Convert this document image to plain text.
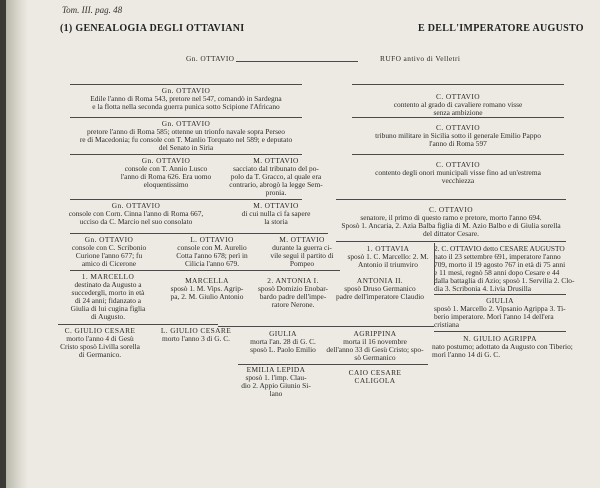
Tom. III. pag. 48
(1) GENEALOGIA DEGLI OTTAVIANI	E DELL'IMPERATORE AUGUSTO
Gn. OTTAVIO	RUFO antivo di Velletri
Gn. OTTAVIO
Edile l'anno di Roma 543, pretore nel 547, comandò in Sardegna
e la flotta nella seconda guerra punica sotto Scipione l'Africano
C. OTTAVIO
contento al grado di cavaliere romano visse
senza ambizione
Gn. OTTAVIO
pretore l'anno di Roma 585; ottenne un trionfo navale sopra Perseo
re di Macedonia; fu console con T. Manlio Torquato nel 589; e deputato
del Senato in Siria
C. OTTAVIO
tribuno militare in Sicilia sotto il generale Emilio Pappo
l'anno di Roma 597
Gn. OTTAVIO
console con T. Annio Lusco
l'anno di Roma 626. Era uomo
eloquentissimo
M. OTTAVIO
sacciato dal tribunato del po-
polo da T. Gracco, al quale era
contrario, abrogò la legge Sem-
pronia.
C. OTTAVIO
contento degli onori municipali visse fino ad un'estrema
vecchiezza
Gn. OTTAVIO
console con Corn. Cinna l'anno di Roma 667,
ucciso da C. Marcio nel suo consolato
M. OTTAVIO
di cui nulla ci fa sapere
la storia
C. OTTAVIO
senatore, il primo di questo ramo e pretore, morto l'anno 694.
Sposò 1. Ancaria, 2. Azia Balba figlia di M. Azio Balbo e di Giulia sorella
del dittator Cesare.
Gn. OTTAVIO
console con C. Scribonio
Curione l'anno 677; fu
amico di Cicerone
L. OTTAVIO
console con M. Aurelio
Cotta l'anno 678; perì in
Cilicia l'anno 679.
M. OTTAVIO
durante la guerra ci-
vile seguì il partito di
Pompeo
1. OTTAVIA
sposò 1. C. Marcello: 2. M.
Antonio il triumviro
2. C. OTTAVIO detto CESARE AUGUSTO
nato il 23 settembre 691, imperatore l'anno
709, morto il 19 agosto 767 in età di 75 anni
e 11 mesi, regnò 58 anni dopo Cesare e 44
dalla battaglia di Azio; sposò 1. Servilia 2. Clo-
dia 3. Scribonia 4. Livia Drusilla
1. MARCELLO
destinato da Augusto a
succedergli, morto in età
di 24 anni; fidanzato a
Giulia di lui cugina figlia
di Augusto.
MARCELLA
sposò 1. M. Vips. Agrip-
pa, 2. M. Giulio Antonio
2. ANTONIA I.
sposò Domizio Enobar-
bardo padre dell'impe-
ratore Nerone.
ANTONIA II.
sposò Druso Germanico
padre dell'imperatore Claudio	GIULIA
sposò 1. Marcello 2. Vipsanio Agrippa 3. Ti-
berio imperatore. Morì l'anno 14 dell'era
cristiana
C. GIULIO CESARE
morto l'anno 4 di Gesù
Cristo sposò Livilla sorella
di Germanico.
L. GIULIO CESARE
morto l'anno 3 di G. C.
GIULIA
morta l'an. 28 di G. C.
sposò L. Paolo Emilio
AGRIPPINA
morta il 16 novembre
dell'anno 33 di Gesù Cristo; spo-
sò Germanico
N. GIULIO AGRIPPA
nato postumo; adottato da Augusto con Tiberio;
morì l'anno 14 di G. C.
EMILIA LEPIDA
sposò 1. l'imp. Clau-
dio 2. Appio Giunio Si-
lano
CAIO CESARE
CALIGOLA
